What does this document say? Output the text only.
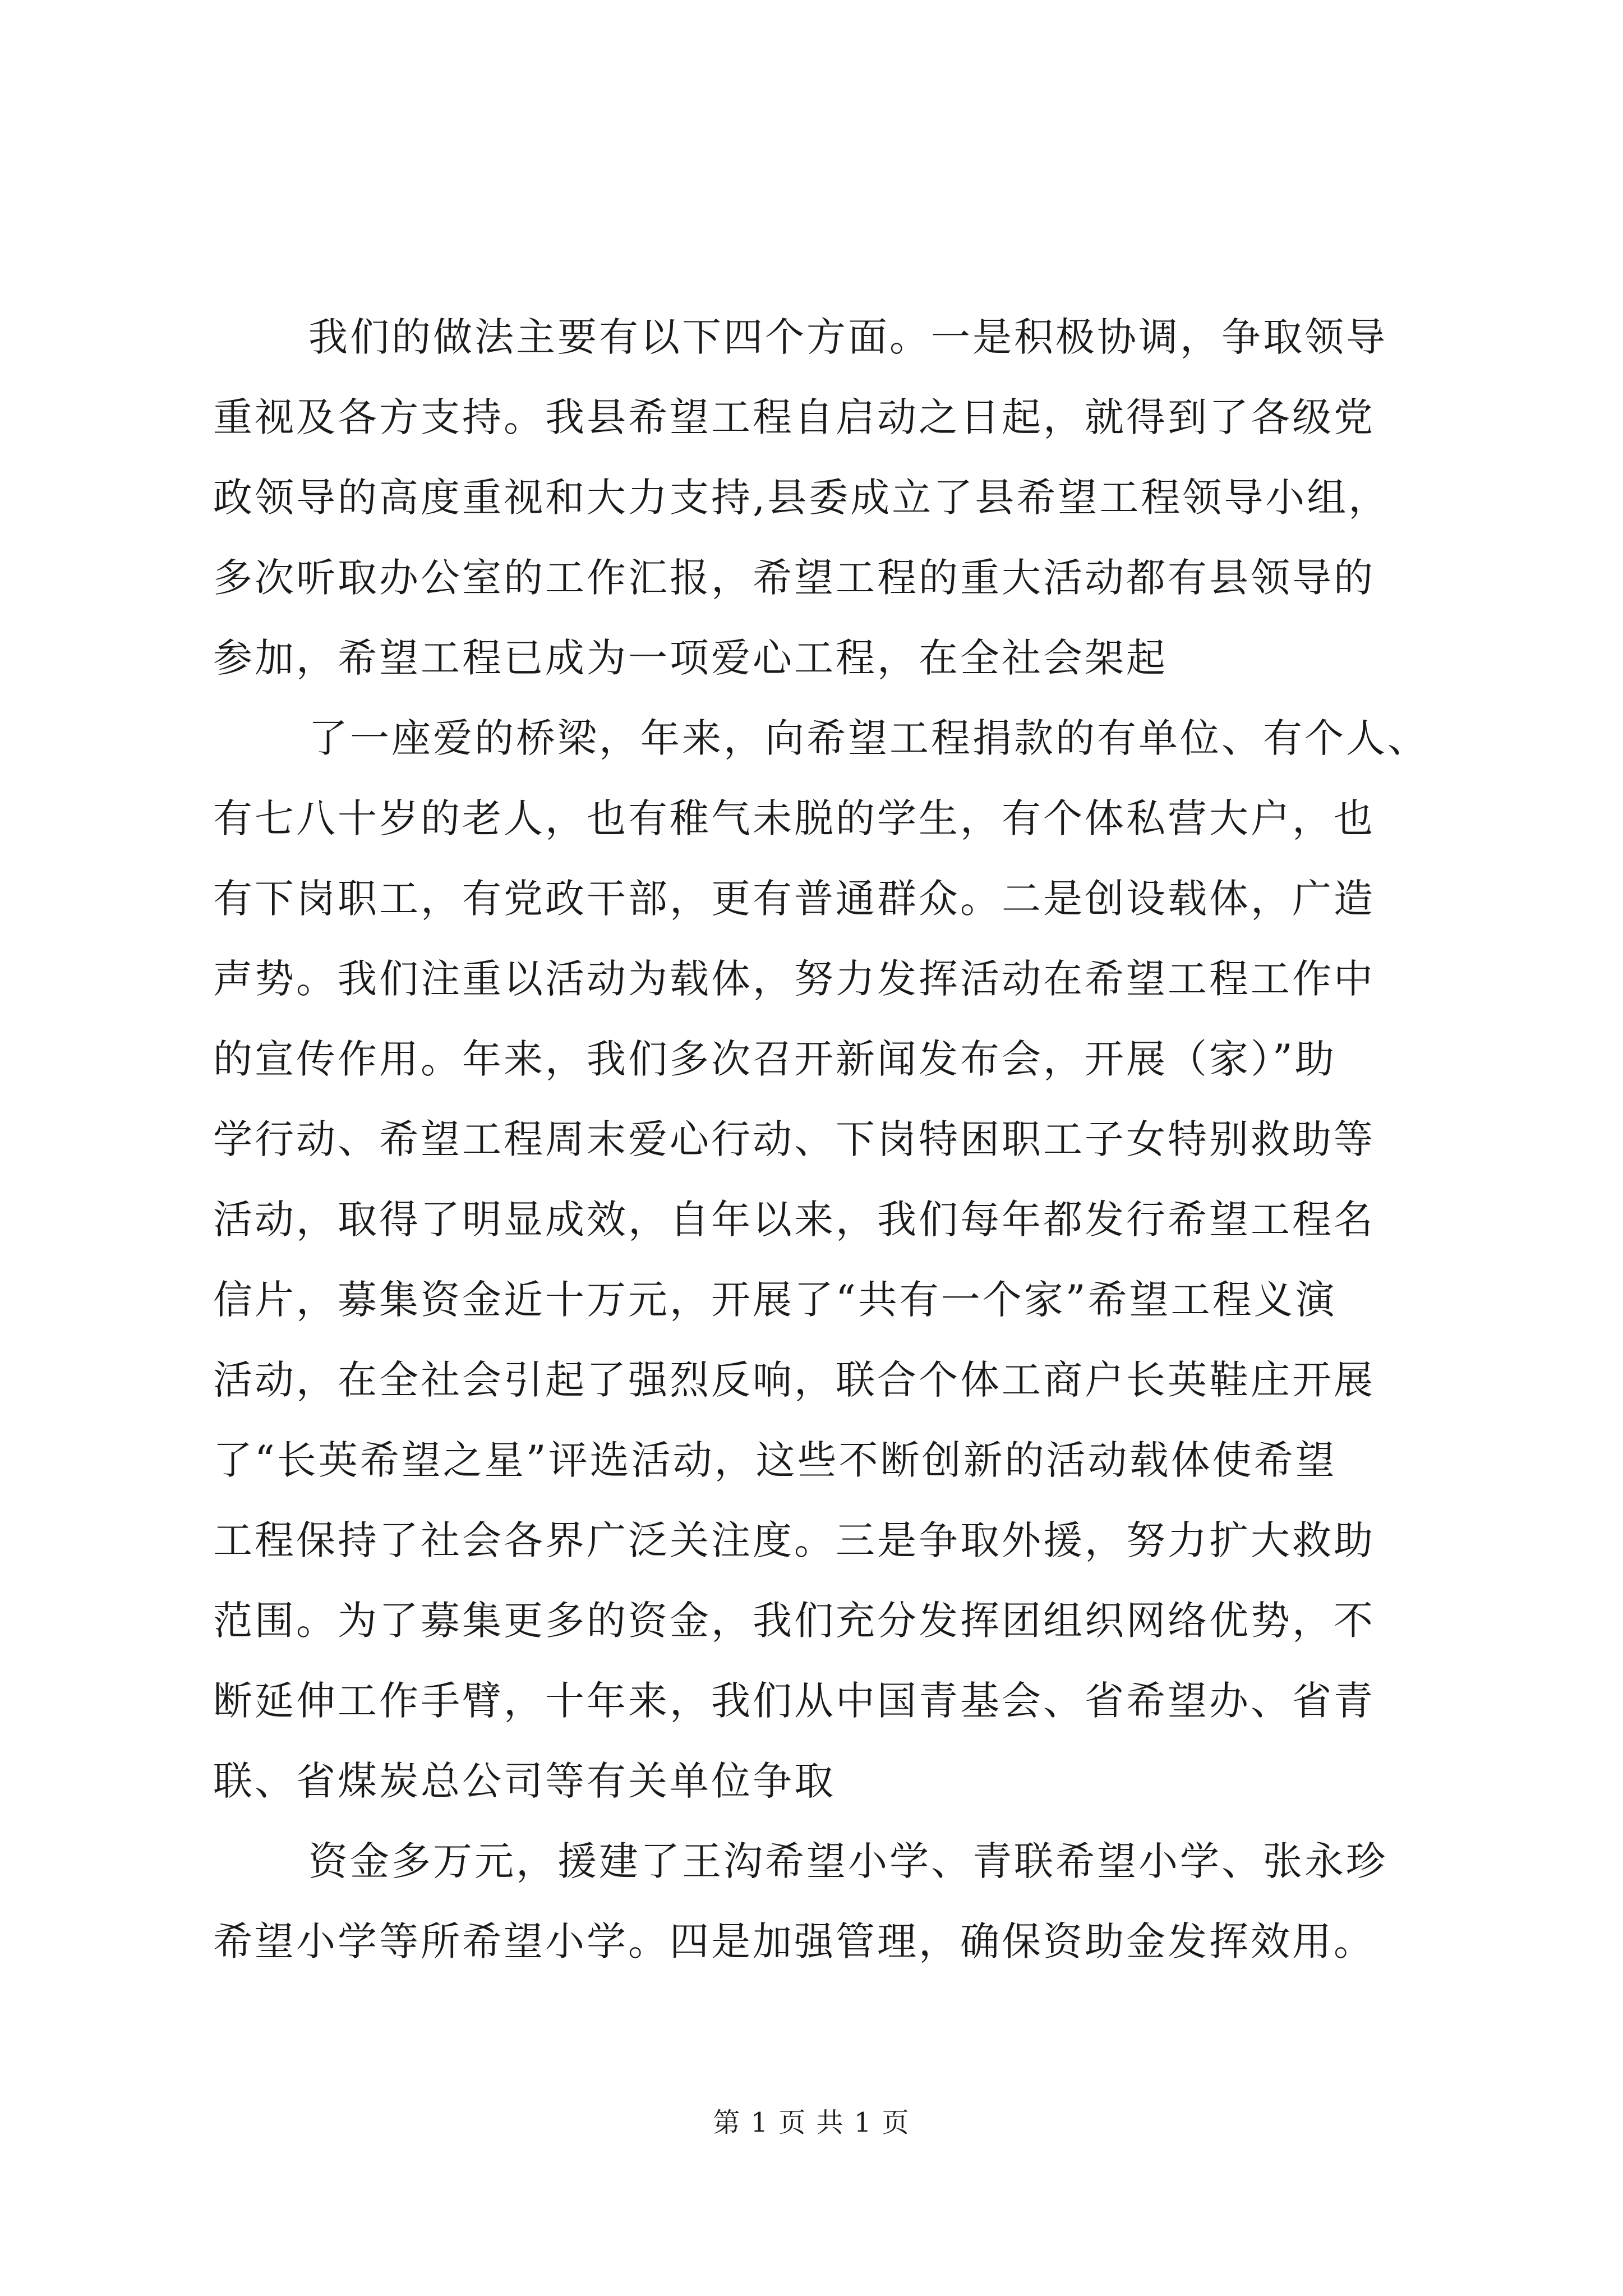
我们的做法主要有以下四个方面。一是积极协调，争取领导
重视及各方支持。我县希望工程自启动之日起，就得到了各级党
政领导的高度重视和大力支持,县委成立了县希望工程领导小组，
多次听取办公室的工作汇报，希望工程的重大活动都有县领导的
参加，希望工程已成为一项爱心工程，在全社会架起
了一座爱的桥梁，年来，向希望工程捐款的有单位、有个人、
有七八十岁的老人，也有稚气未脱的学生，有个体私营大户，也
有下岗职工，有党政干部，更有普通群众。二是创设载体，广造
声势。我们注重以活动为载体，努力发挥活动在希望工程工作中
的宣传作用。年来，我们多次召开新闻发布会，开展（家）”助
学行动、希望工程周末爱心行动、下岗特困职工子女特别救助等
活动，取得了明显成效，自年以来，我们每年都发行希望工程名
信片，募集资金近十万元，开展了“共有一个家”希望工程义演
活动，在全社会引起了强烈反响，联合个体工商户长英鞋庄开展
了“长英希望之星”评选活动，这些不断创新的活动载体使希望
工程保持了社会各界广泛关注度。三是争取外援，努力扩大救助
范围。为了募集更多的资金，我们充分发挥团组织网络优势，不
断延伸工作手臂，十年来，我们从中国青基会、省希望办、省青
联、省煤炭总公司等有关单位争取
资金多万元，援建了王沟希望小学、青联希望小学、张永珍
希望小学等所希望小学。四是加强管理，确保资助金发挥效用。
第 1 页 共 1 页
